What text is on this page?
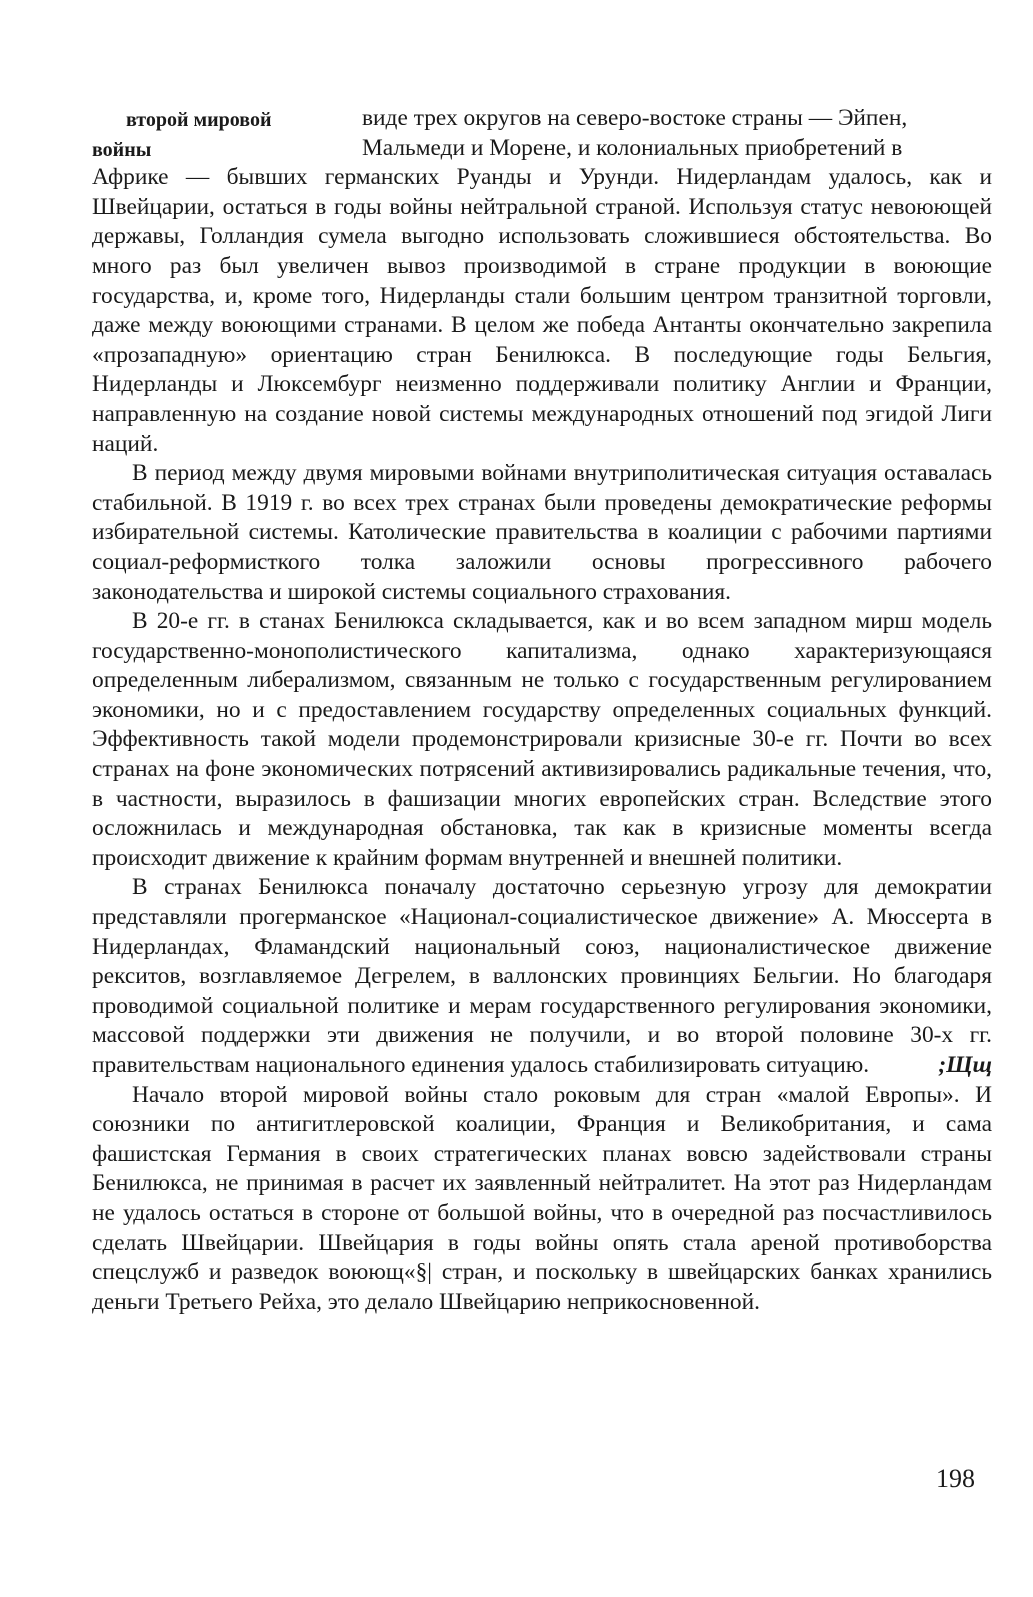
второй мировой
войны
виде трех округов на северо-востоке страны — Эйпен,
Мальмеди и Морене, и колониальных приобретений в
Африке — бывших германских Руанды и Урунди. Нидерландам удалось, как и Швейцарии, остаться в годы войны нейтральной страной. Используя статус невоюющей державы, Голландия сумела выгодно использовать сложившиеся обстоятельства. Во много раз был увеличен вывоз производимой в стране продукции в воюющие государства, и, кроме того, Нидерланды стали большим центром транзитной торговли, даже между воюющими странами. В целом же победа Антанты окончательно закрепила «прозападную» ориентацию стран Бенилюкса. В последующие годы Бельгия, Нидерланды и Люксембург неизменно поддерживали политику Англии и Франции, направленную на создание новой системы международных отношений под эгидой Лиги наций.

В период между двумя мировыми войнами внутриполитическая ситуация оставалась стабильной. В 1919 г. во всех трех странах были проведены демократические реформы избирательной системы. Католические правительства в коалиции с рабочими партиями социал-реформисткого толка заложили основы прогрессивного рабочего законодательства и широкой системы социального страхования.

В 20-е гг. в станах Бенилюкса складывается, как и во всем западном мирш модель государственно-монополистического капитализма, однако характеризующаяся определенным либерализмом, связанным не только с государственным регулированием экономики, но и с предоставлением государству определенных социальных функций. Эффективность такой модели продемонстрировали кризисные 30-е гг. Почти во всех странах на фоне экономических потрясений активизировались радикальные течения, что, в частности, выразилось в фашизации многих европейских стран. Вследствие этого осложнилась и международная обстановка, так как в кризисные моменты всегда происходит движение к крайним формам внутренней и внешней политики.

В странах Бенилюкса поначалу достаточно серьезную угрозу для демократии представляли прогерманское «Национал-социалистическое движение» А. Мюссерта в Нидерландах, Фламандский национальный союз, националистическое движение рекситов, возглавляемое Дегрелем, в валлонских провинциях Бельгии. Но благодаря проводимой социальной политике и мерам государственного регулирования экономики, массовой поддержки эти движения не получили, и во второй половине 30-х гг. правительствам национального единения удалось стабилизировать ситуацию.	;Щщ

Начало второй мировой войны стало роковым для стран «малой Европы». И союзники по антигитлеровской коалиции, Франция и Великобритания, и сама фашистская Германия в своих стратегических планах вовсю задействовали страны Бенилюкса, не принимая в расчет их заявленный нейтралитет. На этот раз Нидерландам не удалось остаться в стороне от большой войны, что в очередной раз посчастливилось сделать Швейцарии. Швейцария в годы войны опять стала ареной противоборства спецслужб и разведок воюющ«§| стран, и поскольку в швейцарских банках хранились деньги Третьего Рейха, это делало Швейцарию неприкосновенной.

198
